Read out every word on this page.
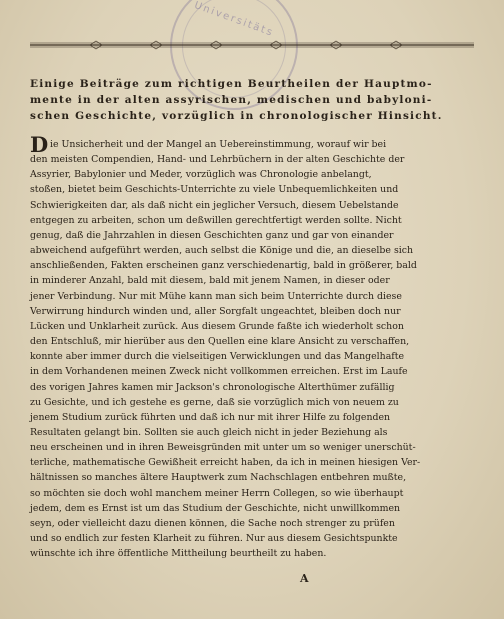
Universitäts
Einige Beiträge zum richtigen Beurtheilen der Hauptmo-
mente in der alten assyrischen, medischen und babyloni-
schen Geschichte, vorzüglich in chronologischer Hinsicht.
D ie Unsicherheit und der Mangel an Uebereinstimmung, worauf wir bei
den meisten Compendien, Hand- und Lehrbüchern in der alten Geschichte der
Assyrier, Babylonier und Meder, vorzüglich was Chronologie anbelangt,
stoßen, bietet beim Geschichts-Unterrichte zu viele Unbequemlichkeiten und
Schwierigkeiten dar, als daß nicht ein jeglicher Versuch, diesem Uebelstande
entgegen zu arbeiten, schon um deßwillen gerechtfertigt werden sollte. Nicht
genug, daß die Jahrzahlen in diesen Geschichten ganz und gar von einander
abweichend aufgeführt werden, auch selbst die Könige und die, an dieselbe sich
anschließenden, Fakten erscheinen ganz verschiedenartig, bald in größerer, bald
in minderer Anzahl, bald mit diesem, bald mit jenem Namen, in dieser oder
jener Verbindung. Nur mit Mühe kann man sich beim Unterrichte durch diese
Verwirrung hindurch winden und, aller Sorgfalt ungeachtet, bleiben doch nur
Lücken und Unklarheit zurück. Aus diesem Grunde faßte ich wiederholt schon
den Entschluß, mir hierüber aus den Quellen eine klare Ansicht zu verschaffen,
konnte aber immer durch die vielseitigen Verwicklungen und das Mangelhafte
in dem Vorhandenen meinen Zweck nicht vollkommen erreichen. Erst im Laufe
des vorigen Jahres kamen mir Jackson's chronologische Alterthümer zufällig
zu Gesichte, und ich gestehe es gerne, daß sie vorzüglich mich von neuem zu
jenem Studium zurück führten und daß ich nur mit ihrer Hilfe zu folgenden
Resultaten gelangt bin. Sollten sie auch gleich nicht in jeder Beziehung als
neu erscheinen und in ihren Beweisgründen mit unter um so weniger unerschüt-
terliche, mathematische Gewißheit erreicht haben, da ich in meinen hiesigen Ver-
hältnissen so manches ältere Hauptwerk zum Nachschlagen entbehren mußte,
so möchten sie doch wohl manchem meiner Herrn Collegen, so wie überhaupt
jedem, dem es Ernst ist um das Studium der Geschichte, nicht unwillkommen
seyn, oder vielleicht dazu dienen können, die Sache noch strenger zu prüfen
und so endlich zur festen Klarheit zu führen. Nur aus diesem Gesichtspunkte
wünschte ich ihre öffentliche Mittheilung beurtheilt zu haben.
A
